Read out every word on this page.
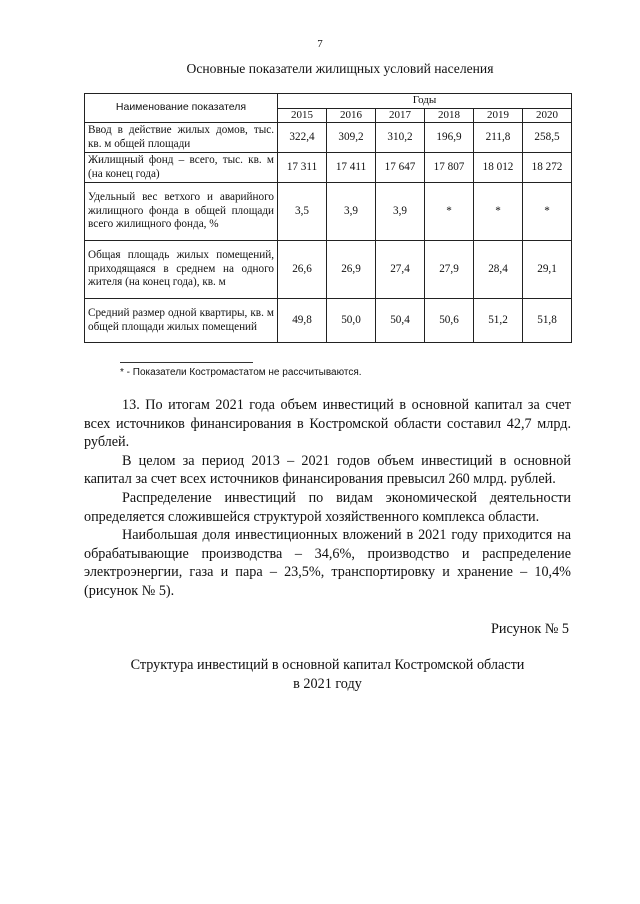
7
Основные показатели жилищных условий населения
Наименование показателя	Годы					
	2015	2016	2017	2018	2019	2020
Ввод в действие жилых домов, тыс. кв. м общей площади	322,4	309,2	310,2	196,9	211,8	258,5
Жилищный фонд – всего, тыс. кв. м (на конец года)	17 311	17 411	17 647	17 807	18 012	18 272
Удельный вес ветхого и аварийного жилищного фонда в общей площади всего жилищного фонда, %	3,5	3,9	3,9	*	*	*
Общая площадь жилых помещений, приходящаяся в среднем на одного жителя (на конец года), кв. м	26,6	26,9	27,4	27,9	28,4	29,1
Средний размер одной квартиры, кв. м общей площади жилых помещений	49,8	50,0	50,4	50,6	51,2	51,8
* - Показатели Костромастатом не рассчитываются.

13. По итогам 2021 года объем инвестиций в основной капитал за счет всех источников финансирования в Костромской области составил 42,7 млрд. рублей.

В целом за период 2013 – 2021 годов объем инвестиций в основной капитал за счет всех источников финансирования превысил 260 млрд. рублей.

Распределение инвестиций по видам экономической деятельности определяется сложившейся структурой хозяйственного комплекса области.

Наибольшая доля инвестиционных вложений в 2021 году приходится на обрабатывающие производства – 34,6%, производство и распределение электроэнергии, газа и пара – 23,5%, транспортировку и хранение – 10,4% (рисунок № 5).

Рисунок № 5
Структура инвестиций в основной капитал Костромской области
в 2021 году
